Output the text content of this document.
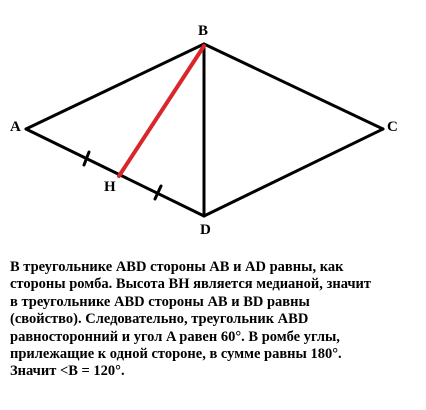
A
B
C
D
H
В треугольнике ABD стороны AB и AD равны, как
стороны ромба. Высота BH является медианой, значит
в треугольнике ABD стороны AB и BD равны
(свойство). Следовательно, треугольник ABD
равносторонний и угол A равен 60°. В ромбе углы,
прилежащие к одной стороне, в сумме равны 180°.
Значит <B = 120°.
